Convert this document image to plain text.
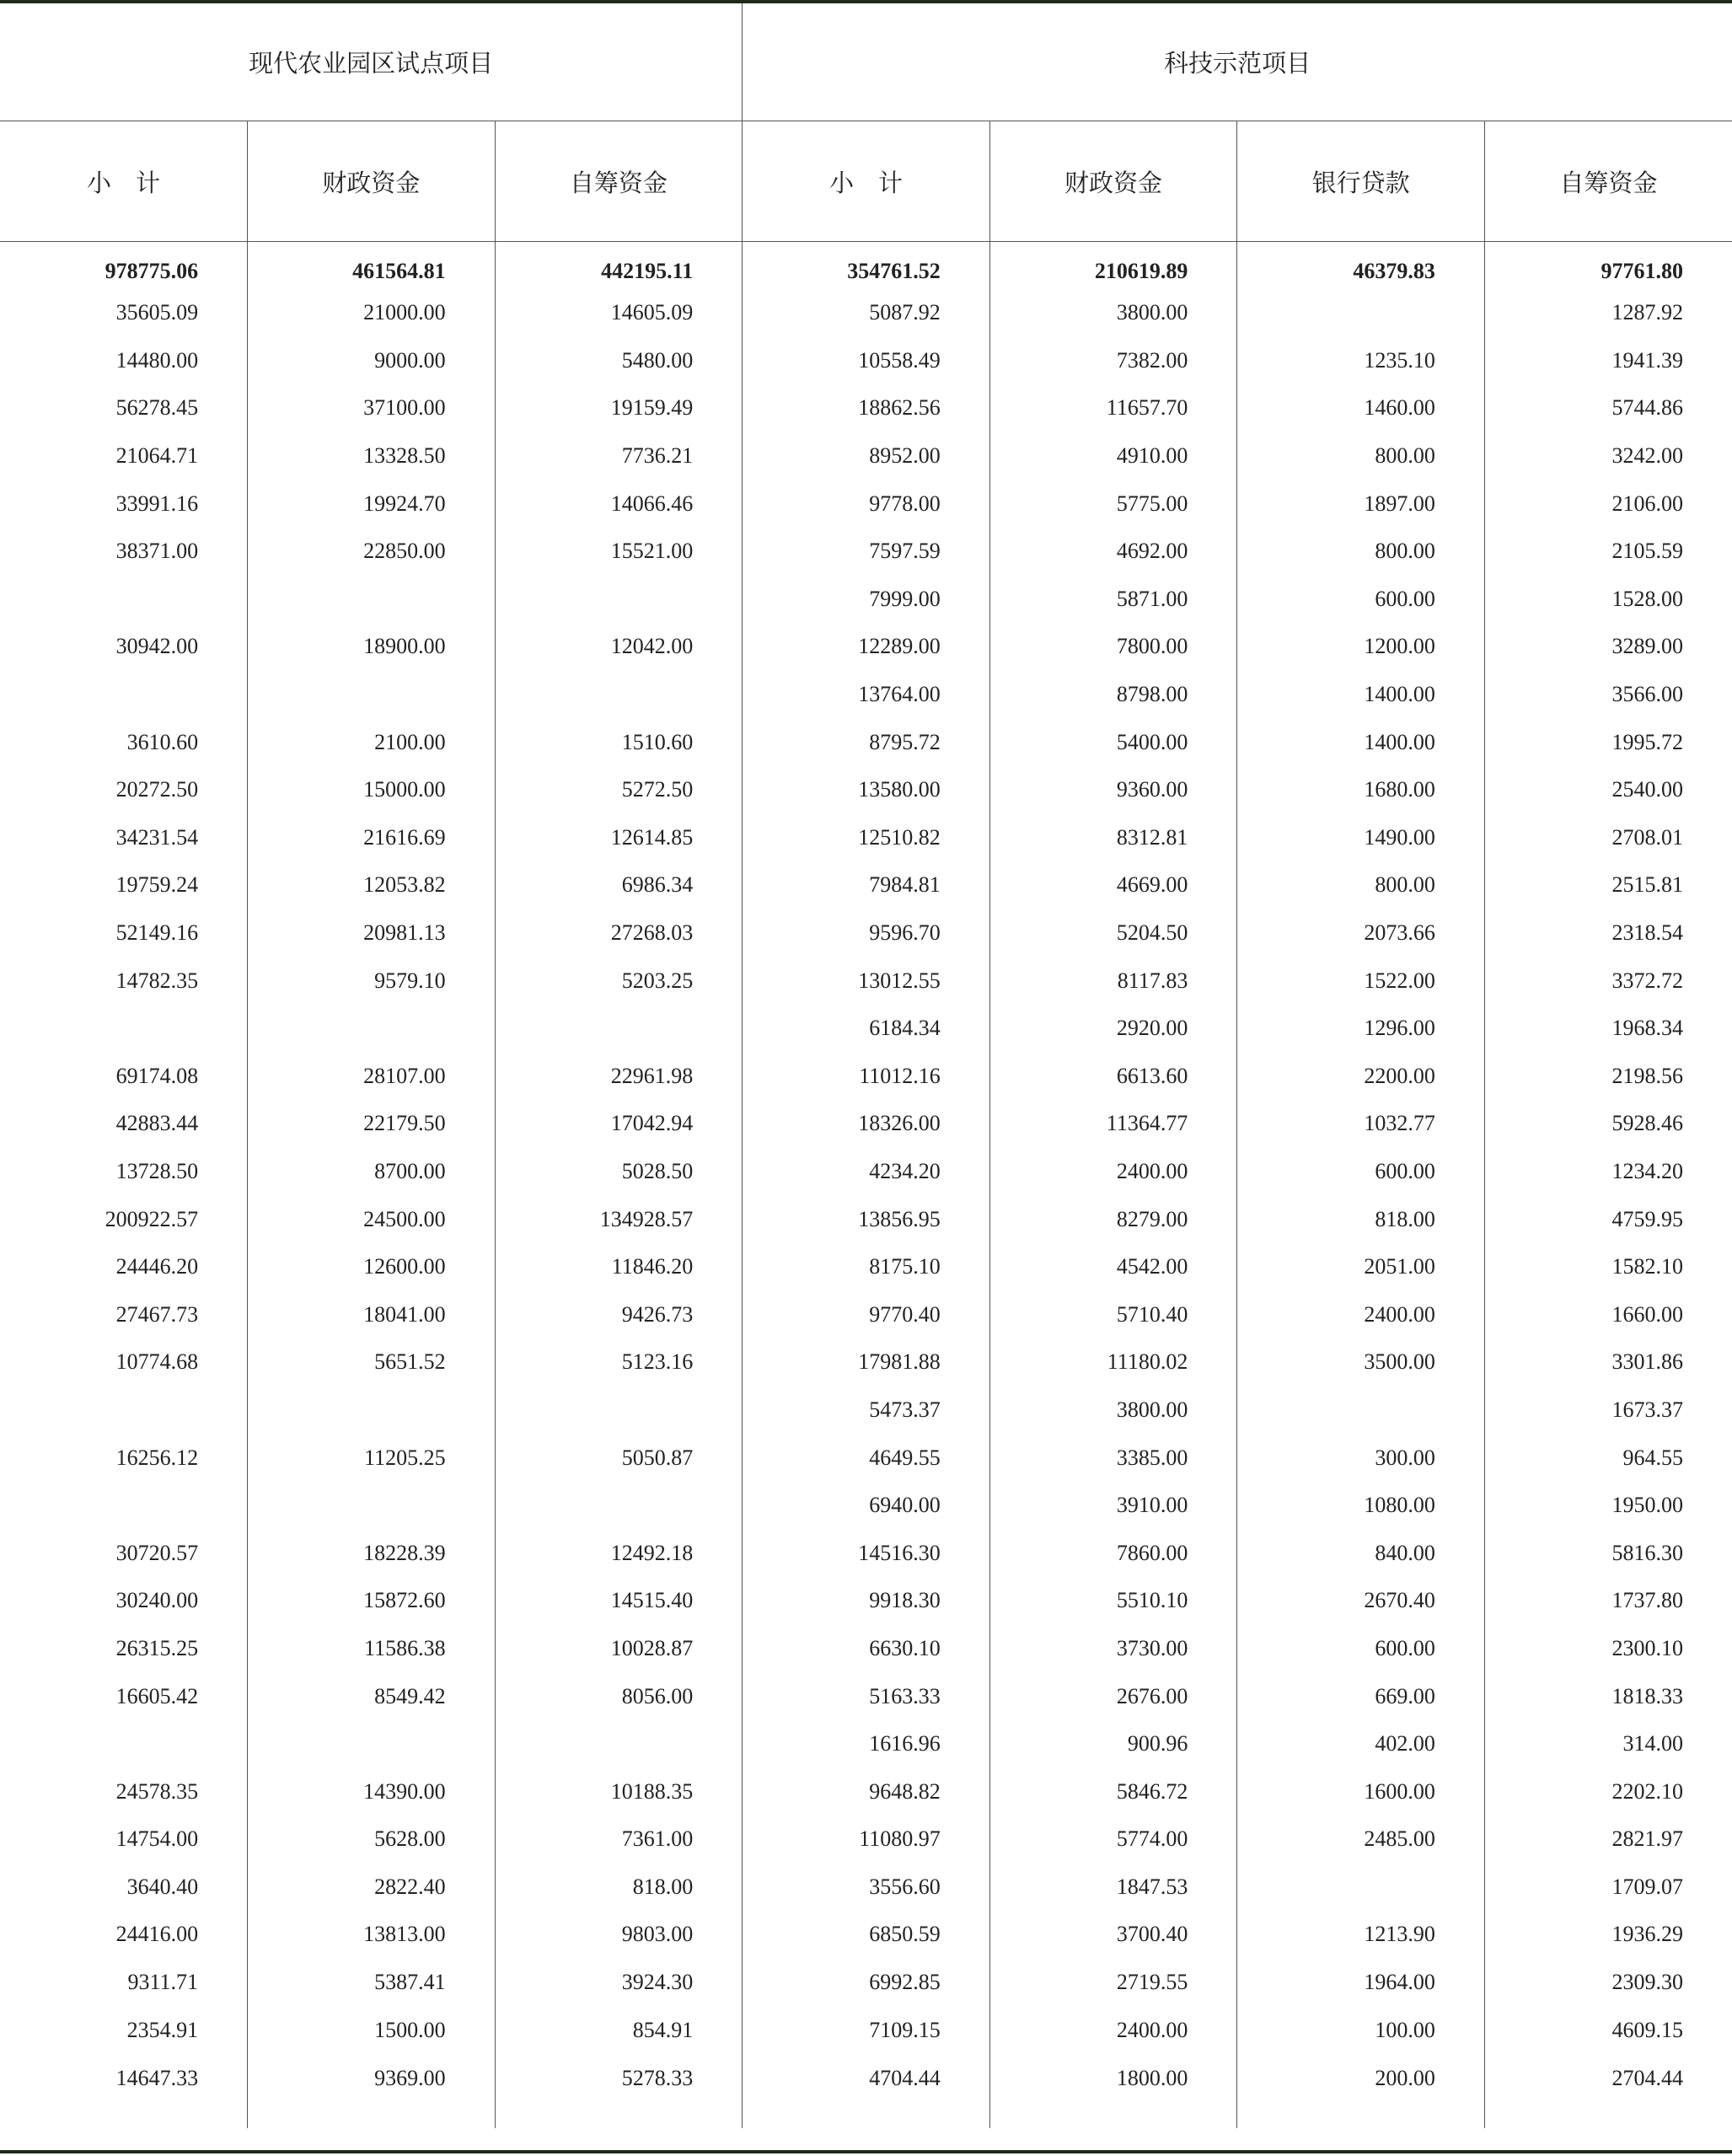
现代农业园区试点项目			科技示范项目			
小　计	财政资金	自筹资金	小　计	财政资金	银行贷款	自筹资金
978775.06	461564.81	442195.11	354761.52	210619.89	46379.83	97761.80
35605.09	21000.00	14605.09	5087.92	3800.00		1287.92
14480.00	9000.00	5480.00	10558.49	7382.00	1235.10	1941.39
56278.45	37100.00	19159.49	18862.56	11657.70	1460.00	5744.86
21064.71	13328.50	7736.21	8952.00	4910.00	800.00	3242.00
33991.16	19924.70	14066.46	9778.00	5775.00	1897.00	2106.00
38371.00	22850.00	15521.00	7597.59	4692.00	800.00	2105.59
			7999.00	5871.00	600.00	1528.00
30942.00	18900.00	12042.00	12289.00	7800.00	1200.00	3289.00
			13764.00	8798.00	1400.00	3566.00
3610.60	2100.00	1510.60	8795.72	5400.00	1400.00	1995.72
20272.50	15000.00	5272.50	13580.00	9360.00	1680.00	2540.00
34231.54	21616.69	12614.85	12510.82	8312.81	1490.00	2708.01
19759.24	12053.82	6986.34	7984.81	4669.00	800.00	2515.81
52149.16	20981.13	27268.03	9596.70	5204.50	2073.66	2318.54
14782.35	9579.10	5203.25	13012.55	8117.83	1522.00	3372.72
			6184.34	2920.00	1296.00	1968.34
69174.08	28107.00	22961.98	11012.16	6613.60	2200.00	2198.56
42883.44	22179.50	17042.94	18326.00	11364.77	1032.77	5928.46
13728.50	8700.00	5028.50	4234.20	2400.00	600.00	1234.20
200922.57	24500.00	134928.57	13856.95	8279.00	818.00	4759.95
24446.20	12600.00	11846.20	8175.10	4542.00	2051.00	1582.10
27467.73	18041.00	9426.73	9770.40	5710.40	2400.00	1660.00
10774.68	5651.52	5123.16	17981.88	11180.02	3500.00	3301.86
			5473.37	3800.00		1673.37
16256.12	11205.25	5050.87	4649.55	3385.00	300.00	964.55
			6940.00	3910.00	1080.00	1950.00
30720.57	18228.39	12492.18	14516.30	7860.00	840.00	5816.30
30240.00	15872.60	14515.40	9918.30	5510.10	2670.40	1737.80
26315.25	11586.38	10028.87	6630.10	3730.00	600.00	2300.10
16605.42	8549.42	8056.00	5163.33	2676.00	669.00	1818.33
			1616.96	900.96	402.00	314.00
24578.35	14390.00	10188.35	9648.82	5846.72	1600.00	2202.10
14754.00	5628.00	7361.00	11080.97	5774.00	2485.00	2821.97
3640.40	2822.40	818.00	3556.60	1847.53		1709.07
24416.00	13813.00	9803.00	6850.59	3700.40	1213.90	1936.29
9311.71	5387.41	3924.30	6992.85	2719.55	1964.00	2309.30
2354.91	1500.00	854.91	7109.15	2400.00	100.00	4609.15
14647.33	9369.00	5278.33	4704.44	1800.00	200.00	2704.44
